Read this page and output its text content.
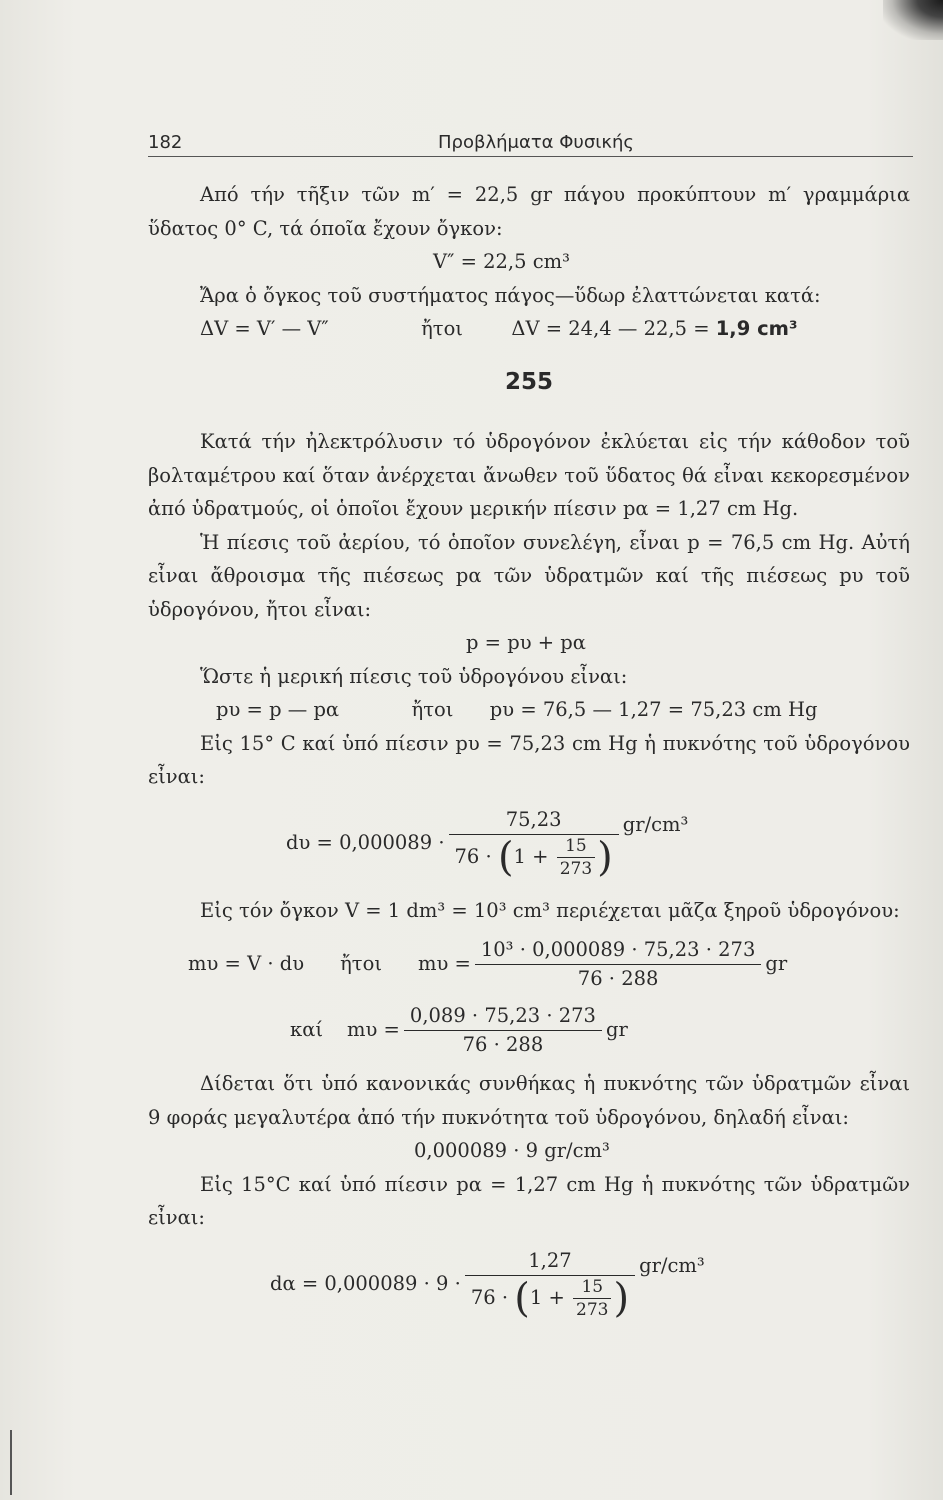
182	Προβλήματα Φυσικής

Από τήν τῆξιν τῶν m′ = 22,5 gr πάγου προκύπτουν m′ γραμμάρια ὕδατος 0° C, τά όποῖα ἔχουν ὄγκον:

V″ = 22,5 cm³

Ἄρα ὁ ὄγκος τοῦ συστήματος πάγος—ὕδωρ ἐλαττώνεται κατά:

ΔV = V′ — V″	ἤτοι ΔV = 24,4 — 22,5 = 1,9 cm³

255

Κατά τήν ἠλεκτρόλυσιν τό ὑδρογόνον ἐκλύεται εἰς τήν κάθοδον τοῦ βολταμέτρου καί ὅταν ἀνέρχεται ἄνωθεν τοῦ ὕδατος θά εἶναι κεκορεσμένον ἀπό ὑδρατμούς, οἱ ὁποῖοι ἔχουν μερικήν πίεσιν pα = 1,27 cm Hg.

Ἡ πίεσις τοῦ ἀερίου, τό ὁποῖον συνελέγη, εἶναι p = 76,5 cm Hg. Αὐτή εἶναι ἄθροισμα τῆς πιέσεως pα τῶν ὑδρατμῶν καί τῆς πιέσεως pυ τοῦ ὑδρογόνου, ἤτοι εἶναι:

p = pυ + pα

Ὥστε ἡ μερική πίεσις τοῦ ὑδρογόνου εἶναι:

pυ = p — pα	ἤτοι pυ = 76,5 — 1,27 = 75,23 cm Hg

Εἰς 15° C καί ὑπό πίεσιν pυ = 75,23 cm Hg ἡ πυκνότης τοῦ ὑδρογόνου εἶναι:

dυ = 0,000089 ·
75,23
$76 \cdot (1 + \frac{15}{273}$ )
gr/cm³

Εἰς τόν ὄγκον V = 1 dm³ = 10³ cm³ περιέχεται μᾶζα ξηροῦ ὑδρογόνου:

mυ = V · dυ ἤτοι $m\upsilon = \frac{\text{10³ · 0,000089 · 75,23 · 273}}{76 \cdot 288}$ gr
καί $m\upsilon = \frac{0,089 \cdot 75,23 \cdot 273}{76 \cdot 288}$ gr

Δίδεται ὅτι ὑπό κανονικάς συνθήκας ἡ πυκνότης τῶν ὑδρατμῶν εἶναι 9 φοράς μεγαλυτέρα ἀπό τήν πυκνότητα τοῦ ὑδρογόνου, δηλαδή εἶναι:

0,000089 · 9 gr/cm³

Εἰς 15°C καί ὑπό πίεσιν pα = 1,27 cm Hg ἡ πυκνότης τῶν ὑδρατμῶν εἶναι:

dα = 0,000089 · 9 ·
1,27
$76 \cdot (1 + \frac{15}{273}$ )
gr/cm³
